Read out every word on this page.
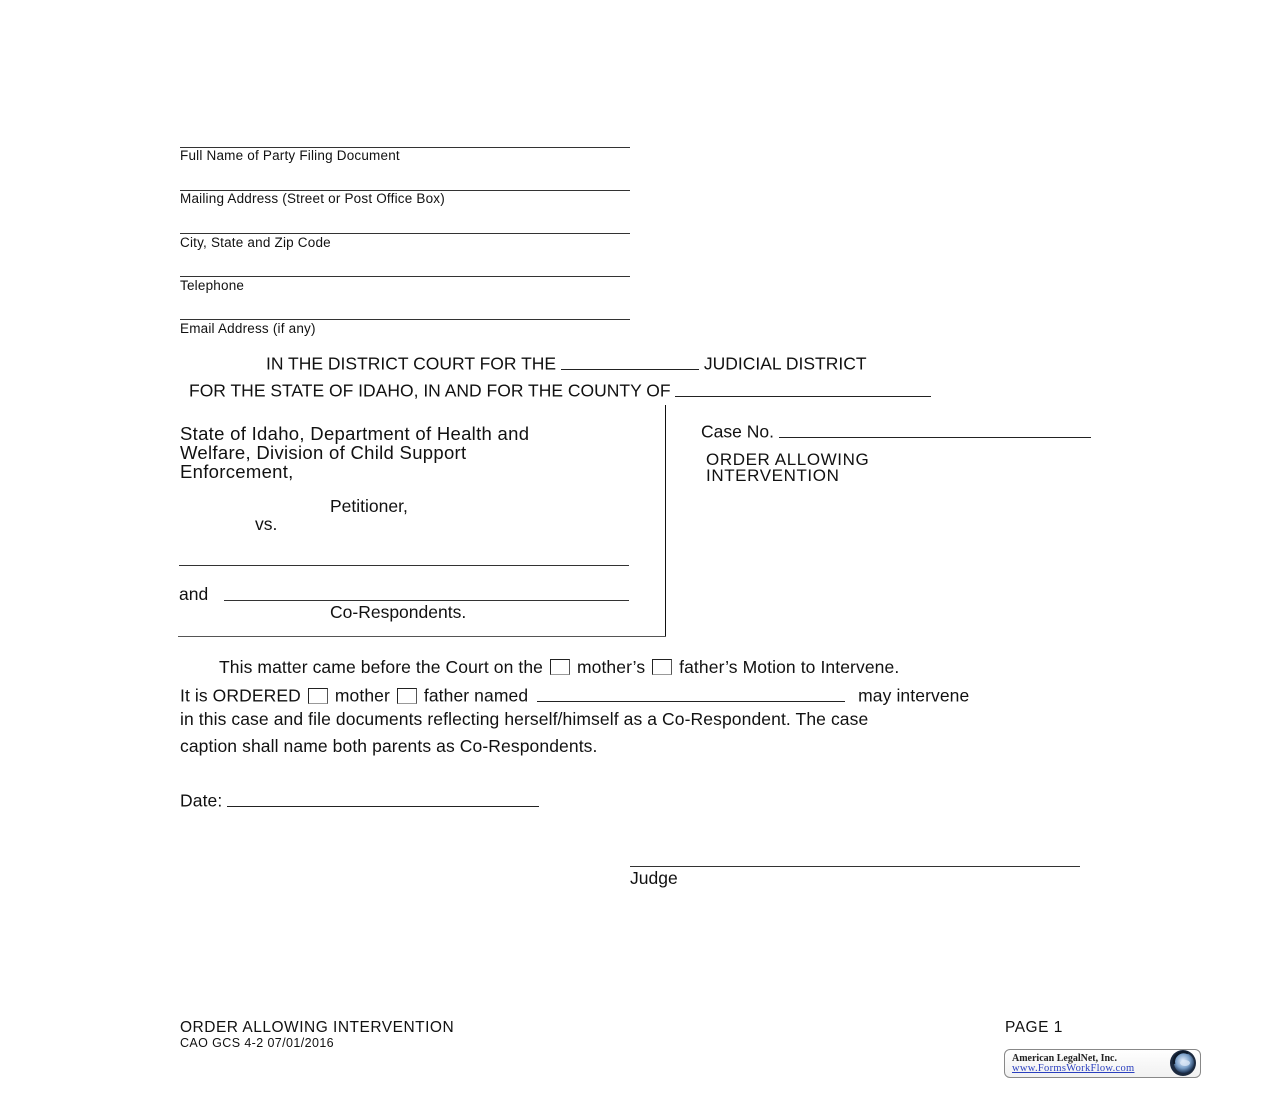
Full Name of Party Filing Document
Mailing Address (Street or Post Office Box)
City, State and Zip Code
Telephone
Email Address (if any)
IN THE DISTRICT COURT FOR THE	JUDICIAL DISTRICT
FOR THE STATE OF IDAHO, IN AND FOR THE COUNTY OF
State of Idaho, Department of Health and
Welfare, Division of Child Support
Enforcement,
Petitioner,
vs.
and
Co-Respondents.
Case No.
ORDER ALLOWING
INTERVENTION
This matter came before the Court on the mother’s father’s Motion to Intervene.
It is ORDERED mother father named	may intervene
in this case and file documents reflecting herself/himself as a Co-Respondent. The case
caption shall name both parents as Co-Respondents.
Date:
Judge
ORDER ALLOWING INTERVENTION
CAO GCS 4-2 07/01/2016
PAGE 1
American LegalNet, Inc.
www.FormsWorkFlow.com
